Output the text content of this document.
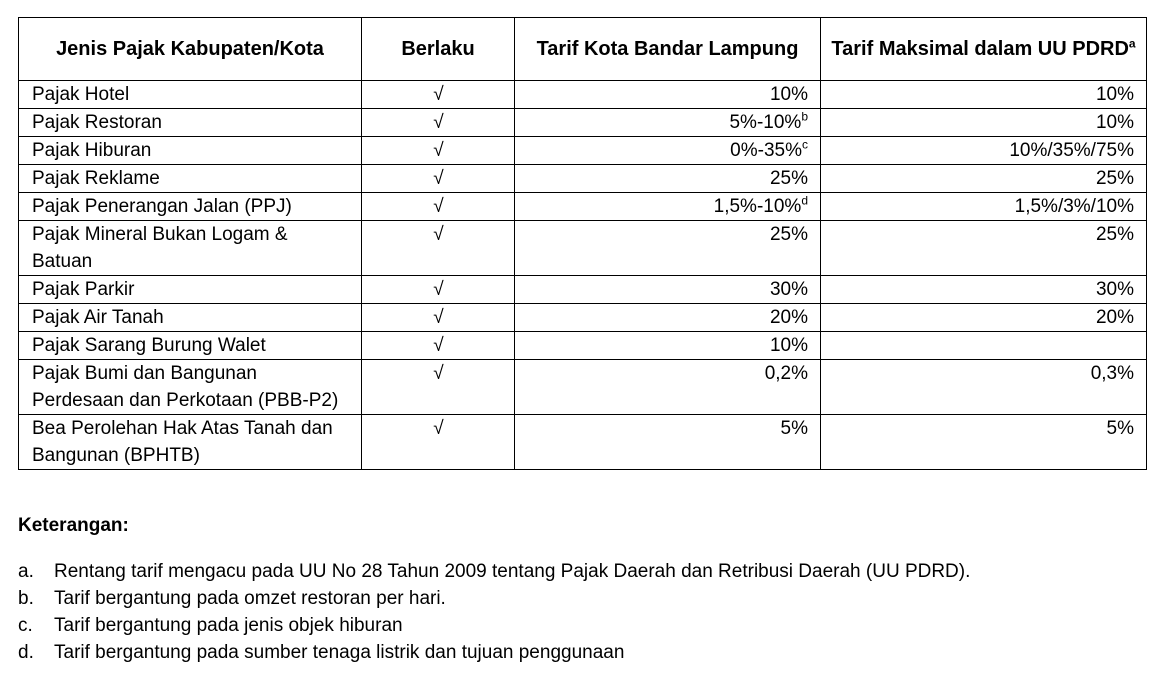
Jenis Pajak Kabupaten/Kota	Berlaku	Tarif Kota Bandar Lampung	Tarif Maksimal dalam UU PDRD$^a$
Pajak Hotel	√	10%	10%
Pajak Restoran	√	5%-10%$^b$	10%
Pajak Hiburan	√	0%-35%$^c$	10%/35%/75%
Pajak Reklame	√	25%	25%
Pajak Penerangan Jalan (PPJ)	√	1,5%-10%$^d$	1,5%/3%/10%
Pajak Mineral Bukan Logam & Batuan	√	25%	25%
Pajak Parkir	√	30%	30%
Pajak Air Tanah	√	20%	20%
Pajak Sarang Burung Walet	√	10%	
Pajak Bumi dan Bangunan Perdesaan dan Perkotaan (PBB-P2)	√	0,2%	0,3%
Bea Perolehan Hak Atas Tanah dan Bangunan (BPHTB)	√	5%	5%
Keterangan:
a.	Rentang tarif mengacu pada UU No 28 Tahun 2009 tentang Pajak Daerah dan Retribusi Daerah (UU PDRD).
b.	Tarif bergantung pada omzet restoran per hari.
c.	Tarif bergantung pada jenis objek hiburan
d.	Tarif bergantung pada sumber tenaga listrik dan tujuan penggunaan
